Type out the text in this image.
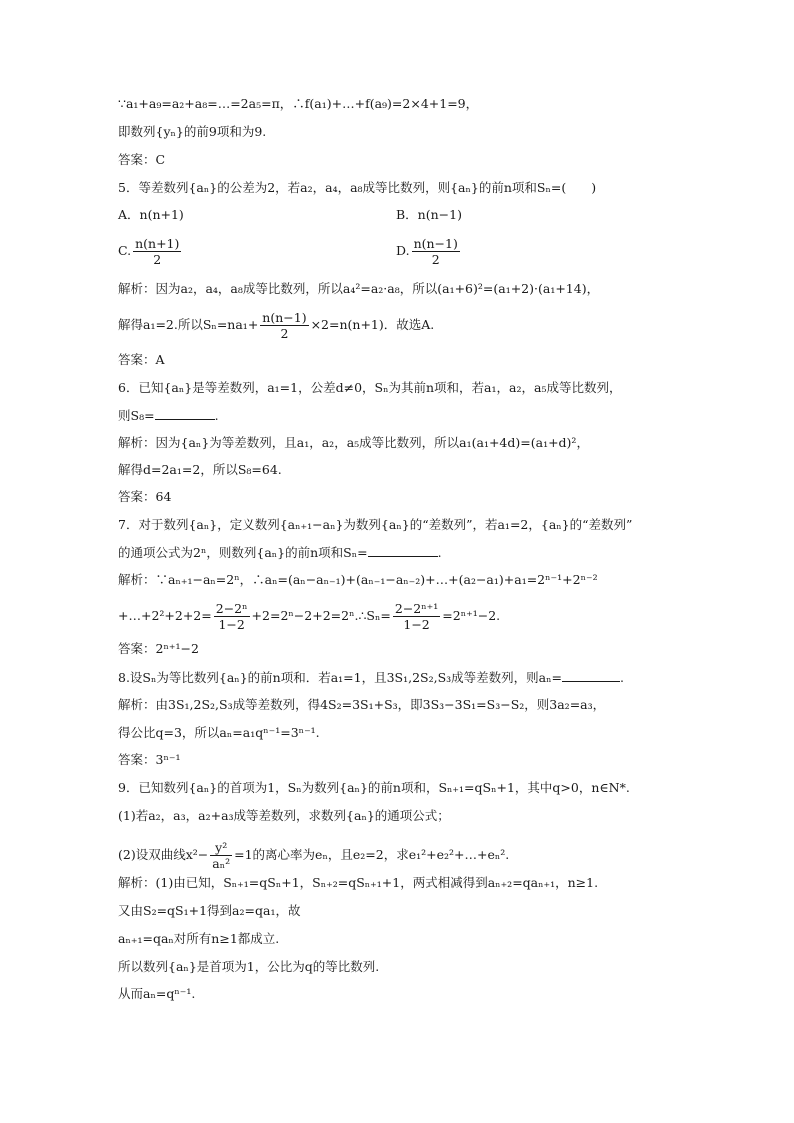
∵a₁+a₉=a₂+a₈=…=2a₅=π，∴f(a₁)+…+f(a₉)=2×4+1=9，
即数列{yₙ}的前9项和为9.
答案：C
5．等差数列{aₙ}的公差为2，若a₂，a₄，a₈成等比数列，则{aₙ}的前n项和Sₙ=(　　)
A．n(n+1)	B．n(n−1)
C. $\frac{n(n+1)}{2}$	D. $\frac{n(n-1)}{2}$
解析：因为a₂，a₄，a₈成等比数列，所以a₄²=a₂·a₈，所以(a₁+6)²=(a₁+2)·(a₁+14)，
解得a₁=2.所以$S_n=na_1+ \frac{n(n-1)}{2} \times 2=n(n+1)$．故选A.
答案：A
6．已知{aₙ}是等差数列，a₁=1，公差d≠0，Sₙ为其前n项和，若a₁，a₂，a₅成等比数列，
则S₈=	.
解析：因为{aₙ}为等差数列，且a₁，a₂，a₅成等比数列，所以a₁(a₁+4d)=(a₁+d)²，
解得d=2a₁=2，所以S₈=64.
答案：64
7．对于数列{aₙ}，定义数列{aₙ₊₁−aₙ}为数列{aₙ}的“差数列”，若a₁=2，{aₙ}的“差数列”
的通项公式为2ⁿ，则数列{aₙ}的前n项和Sₙ=	.
解析：∵aₙ₊₁−aₙ=2ⁿ，∴aₙ=(aₙ−aₙ₋₁)+(aₙ₋₁−aₙ₋₂)+…+(a₂−a₁)+a₁=2ⁿ⁻¹+2ⁿ⁻²
+…+2²+2+2= $\frac{\text{2−2ⁿ}}{1-2}$ +2=2ⁿ−2+2=2ⁿ.∴Sₙ= $\frac{\text{2−2ⁿ⁺¹}}{1-2} =2^{n+1}-2$.
答案：2ⁿ⁺¹−2
8.设Sₙ为等比数列{aₙ}的前n项和．若a₁=1，且3S₁,2S₂,S₃成等差数列，则aₙ=	.
解析：由3S₁,2S₂,S₃成等差数列，得4S₂=3S₁+S₃，即3S₃−3S₁=S₃−S₂，则3a₂=a₃，
得公比q=3，所以aₙ=a₁qⁿ⁻¹=3ⁿ⁻¹.
答案：3ⁿ⁻¹
9．已知数列{aₙ}的首项为1，Sₙ为数列{aₙ}的前n项和，Sₙ₊₁=qSₙ+1，其中q>0，n∈N*.
(1)若a₂，a₃，a₂+a₃成等差数列，求数列{aₙ}的通项公式；
(2)设双曲线$x^2- \frac{\text{y²}}{\text{aₙ²}} =1$的离心率为eₙ，且e₂=2，求e₁²+e₂²+…+eₙ².
解析：(1)由已知，Sₙ₊₁=qSₙ+1，Sₙ₊₂=qSₙ₊₁+1，两式相减得到aₙ₊₂=qaₙ₊₁，n≥1.
又由S₂=qS₁+1得到a₂=qa₁，故
aₙ₊₁=qaₙ对所有n≥1都成立.
所以数列{aₙ}是首项为1，公比为q的等比数列.
从而aₙ=qⁿ⁻¹.
